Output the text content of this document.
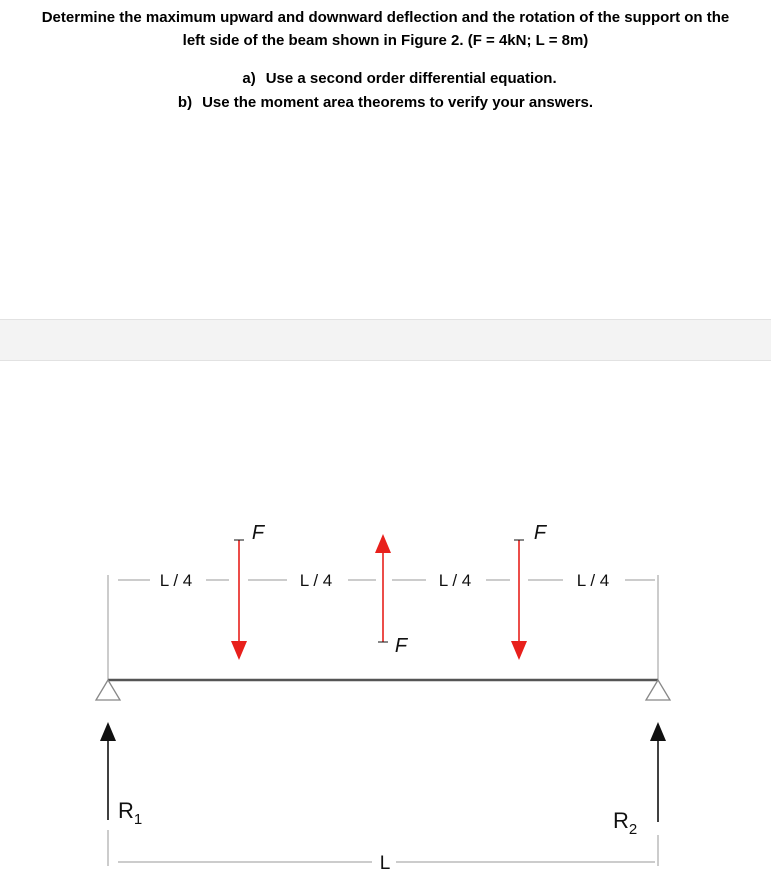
Determine the maximum upward and downward deflection and the rotation of the support on the
left side of the beam shown in Figure 2. (F = 4kN; L = 8m)
a) Use a second order differential equation.
b) Use the moment area theorems to verify your answers.
L / 4	L / 4	L / 4	L / 4
F
F
F
$R_1$	$R_2$
L
